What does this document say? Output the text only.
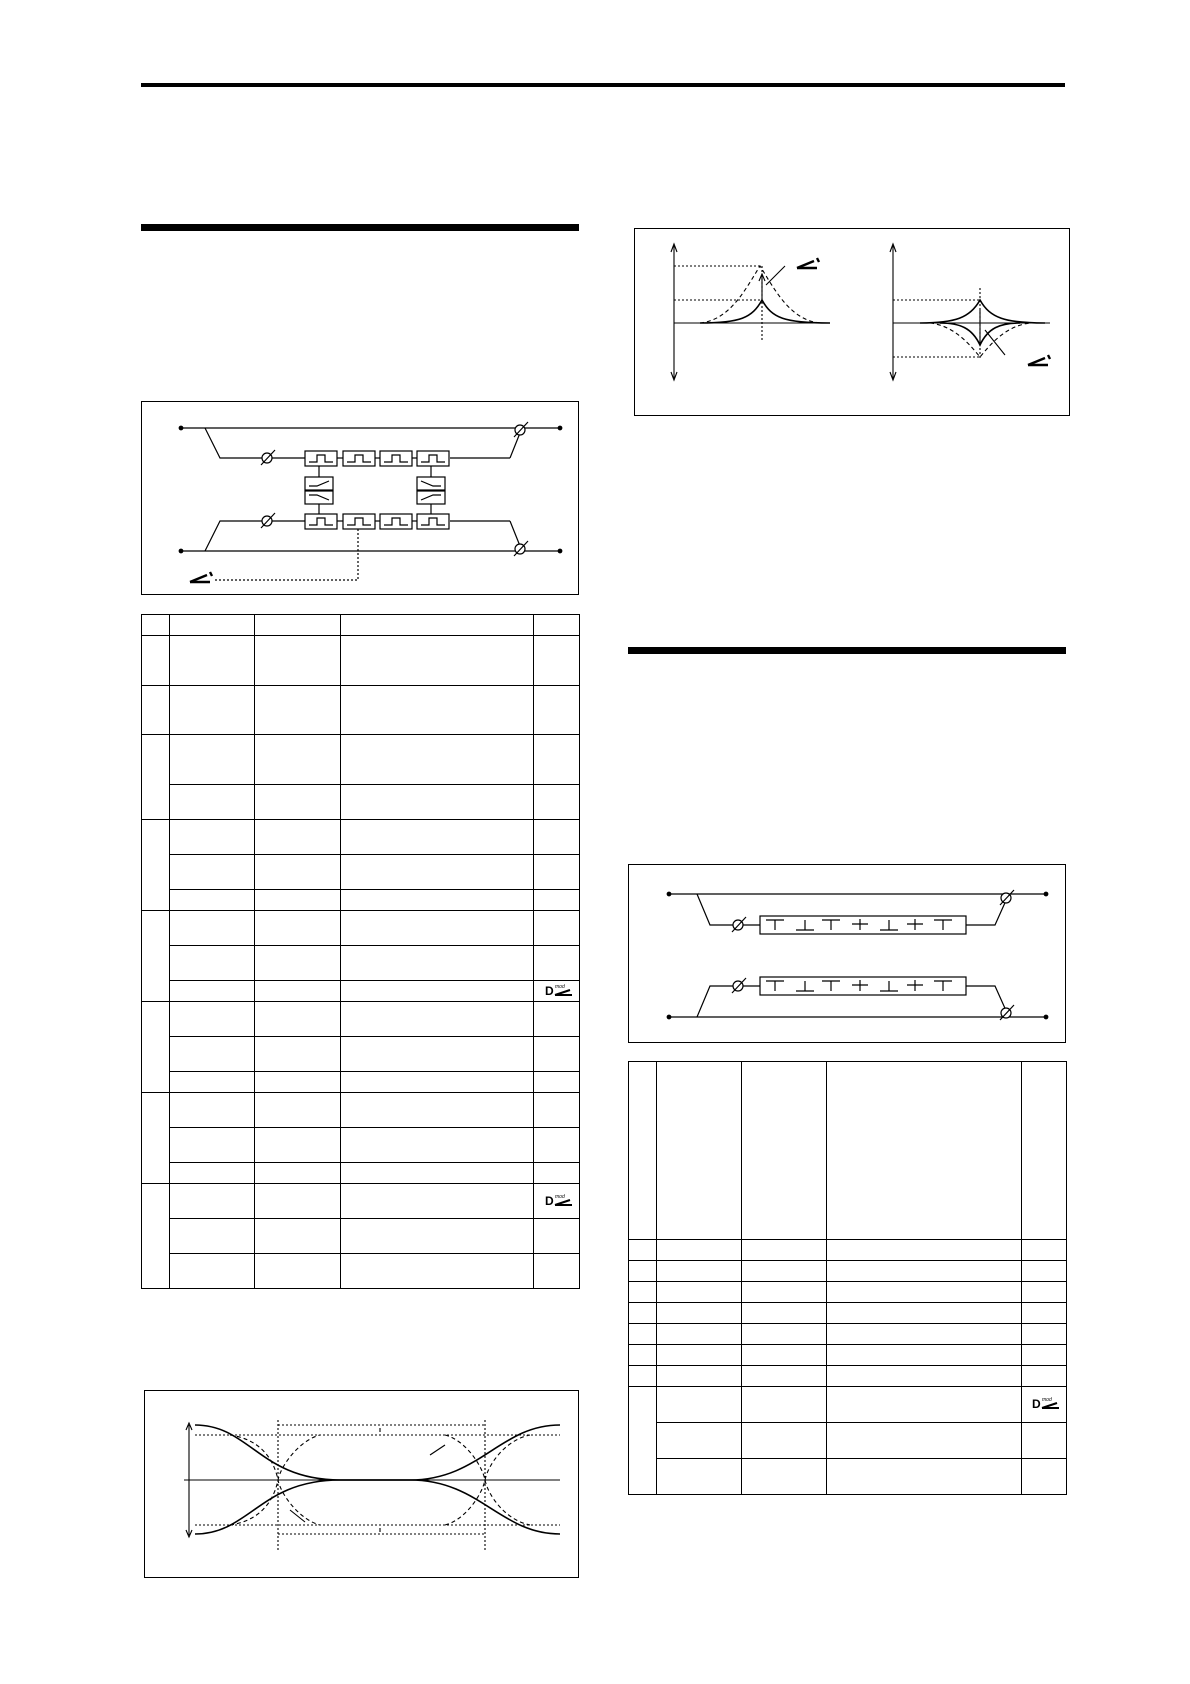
D mod

D mod

D mod
